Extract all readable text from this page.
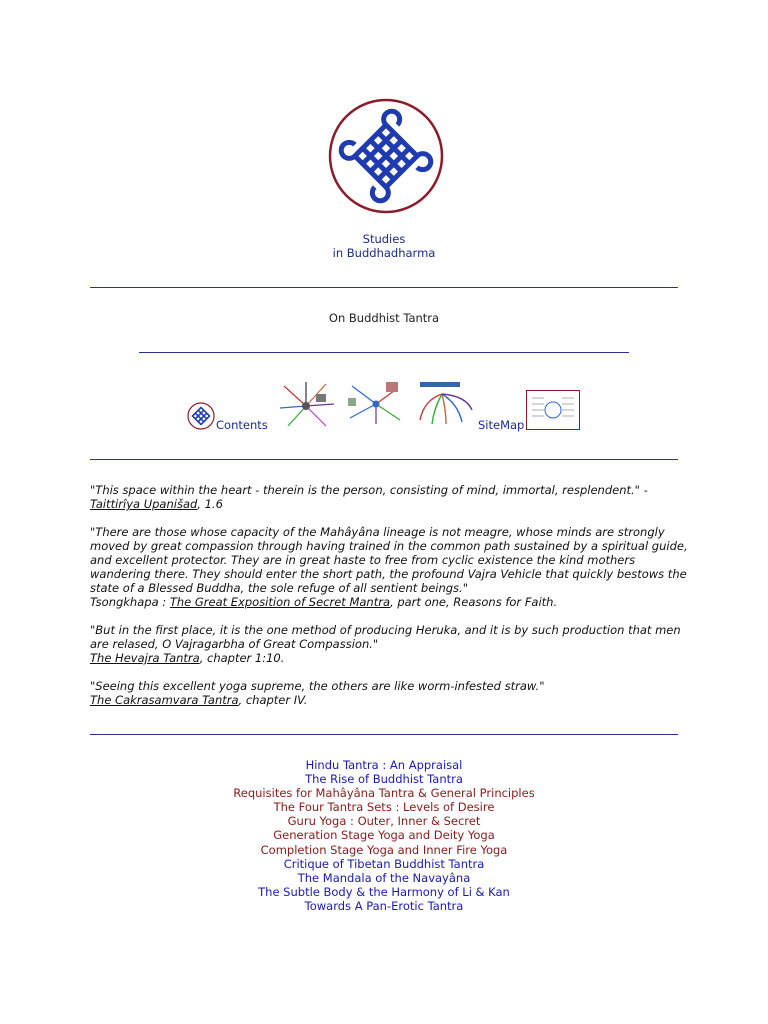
Studies
in Buddhadharma
On Buddhist Tantra
Contents	SiteMap

"This space within the heart - therein is the person, consisting of mind, immortal, resplendent." -
Taittirîya Upanišad, 1.6

"There are those whose capacity of the Mahâyâna lineage is not meagre, whose minds are strongly moved by great compassion through having trained in the common path sustained by a spiritual guide, and excellent protector. They are in great haste to free from cyclic existence the kind mothers wandering there. They should enter the short path, the profound Vajra Vehicle that quickly bestows the state of a Blessed Buddha, the sole refuge of all sentient beings."
Tsongkhapa : The Great Exposition of Secret Mantra, part one, Reasons for Faith.

"But in the first place, it is the one method of producing Heruka, and it is by such production that men are relased, O Vajragarbha of Great Compassion."
The Hevajra Tantra, chapter 1:10.

"Seeing this excellent yoga supreme, the others are like worm-infested straw."
The Cakrasamvara Tantra, chapter IV.

Hindu Tantra : An Appraisal
The Rise of Buddhist Tantra
Requisites for Mahâyâna Tantra & General Principles
The Four Tantra Sets : Levels of Desire
Guru Yoga : Outer, Inner & Secret
Generation Stage Yoga and Deity Yoga
Completion Stage Yoga and Inner Fire Yoga
Critique of Tibetan Buddhist Tantra
The Mandala of the Navayâna
The Subtle Body & the Harmony of Li & Kan
Towards A Pan-Erotic Tantra
